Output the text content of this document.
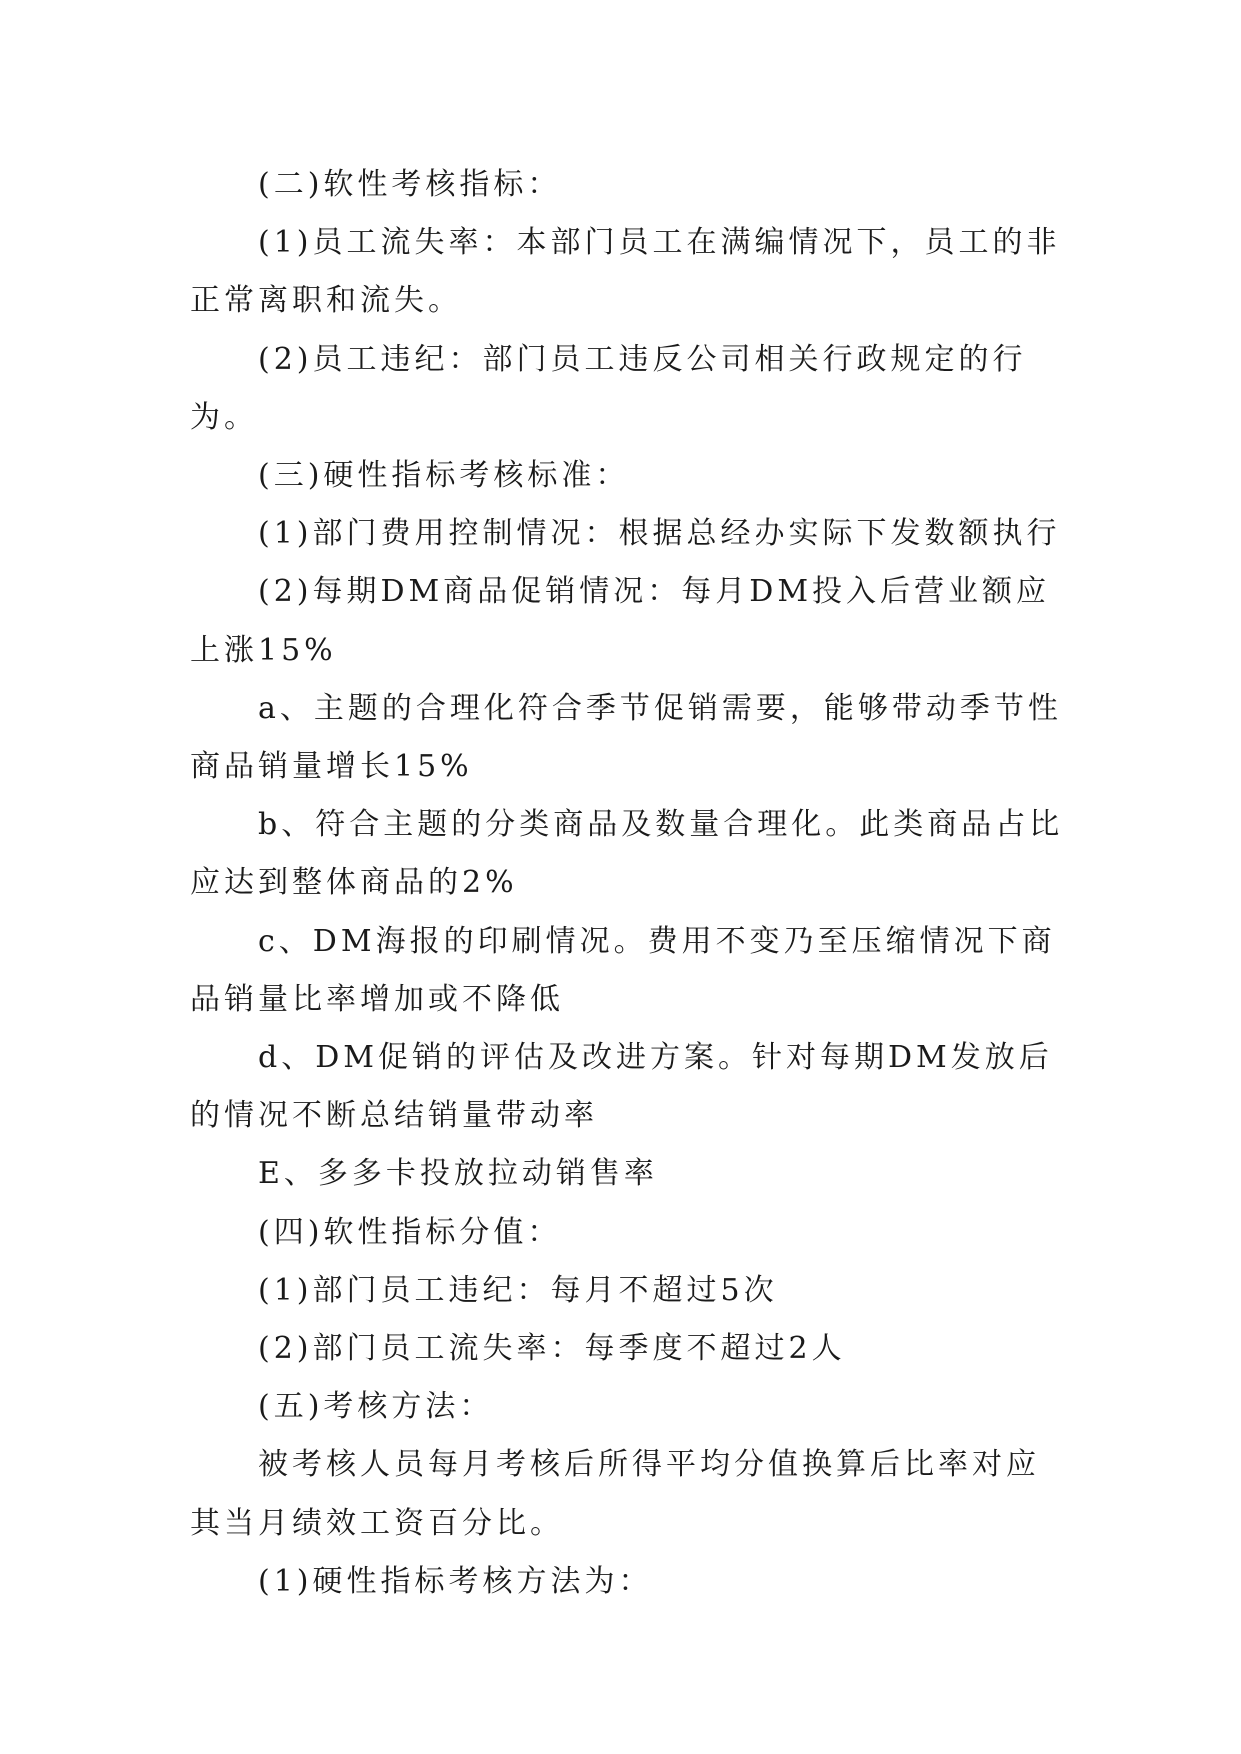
(二)软性考核指标：

(1)员工流失率：本部门员工在满编情况下，员工的非正常离职和流失。

(2)员工违纪：部门员工违反公司相关行政规定的行为。

(三)硬性指标考核标准：

(1)部门费用控制情况：根据总经办实际下发数额执行

(2)每期DM商品促销情况：每月DM投入后营业额应上涨15%

a、主题的合理化符合季节促销需要，能够带动季节性商品销量增长15%

b、符合主题的分类商品及数量合理化。此类商品占比应达到整体商品的2%

c、DM海报的印刷情况。费用不变乃至压缩情况下商品销量比率增加或不降低

d、DM促销的评估及改进方案。针对每期DM发放后的情况不断总结销量带动率

E、多多卡投放拉动销售率

(四)软性指标分值：

(1)部门员工违纪：每月不超过5次

(2)部门员工流失率：每季度不超过2人

(五)考核方法：

被考核人员每月考核后所得平均分值换算后比率对应其当月绩效工资百分比。

(1)硬性指标考核方法为：
